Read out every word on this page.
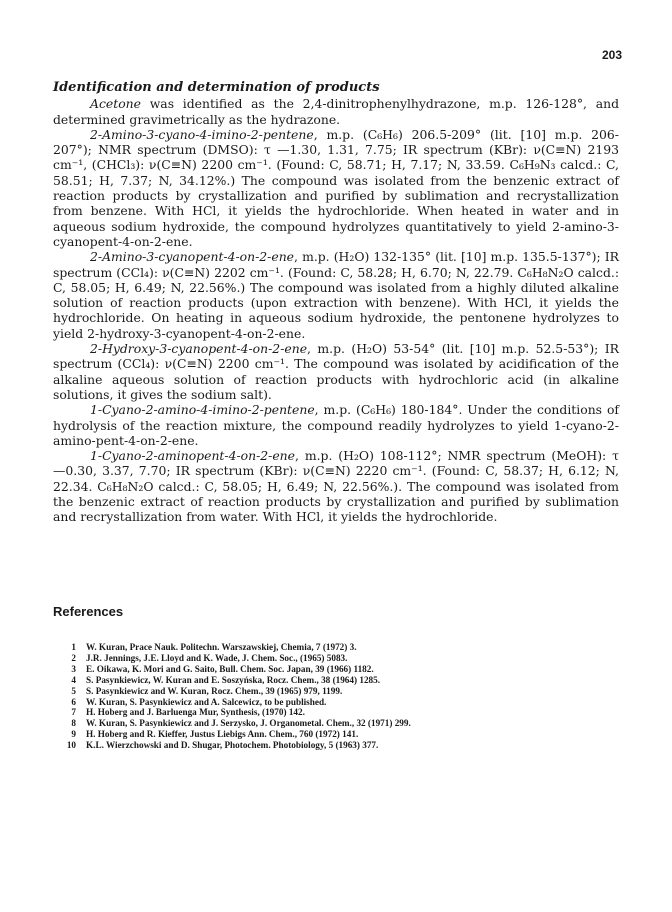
203
Identification and determination of products

Acetone was identified as the 2,4-dinitrophenylhydrazone, m.p. 126-128°, and determined gravimetrically as the hydrazone.

2-Amino-3-cyano-4-imino-2-pentene, m.p. (C₆H₆) 206.5-209° (lit. [10] m.p. 206-207°); NMR spectrum (DMSO): τ —1.30, 1.31, 7.75; IR spectrum (KBr): ν(C≡N) 2193 cm⁻¹, (CHCl₃): ν(C≡N) 2200 cm⁻¹. (Found: C, 58.71; H, 7.17; N, 33.59. C₆H₉N₃ calcd.: C, 58.51; H, 7.37; N, 34.12%.) The compound was isolated from the benzenic extract of reaction products by crystallization and purified by sublimation and recrystallization from benzene. With HCl, it yields the hydrochloride. When heated in water and in aqueous sodium hydroxide, the compound hydrolyzes quantitatively to yield 2-amino-3-cyanopent-4-on-2-ene.

2-Amino-3-cyanopent-4-on-2-ene, m.p. (H₂O) 132-135° (lit. [10] m.p. 135.5-137°); IR spectrum (CCl₄): ν(C≡N) 2202 cm⁻¹. (Found: C, 58.28; H, 6.70; N, 22.79. C₆H₈N₂O calcd.: C, 58.05; H, 6.49; N, 22.56%.) The compound was isolated from a highly diluted alkaline solution of reaction products (upon extraction with benzene). With HCl, it yields the hydrochloride. On heating in aqueous sodium hydroxide, the pentonene hydrolyzes to yield 2-hydroxy-3-cyanopent-4-on-2-ene.

2-Hydroxy-3-cyanopent-4-on-2-ene, m.p. (H₂O) 53-54° (lit. [10] m.p. 52.5-53°); IR spectrum (CCl₄): ν(C≡N) 2200 cm⁻¹. The compound was isolated by acidification of the alkaline aqueous solution of reaction products with hydrochloric acid (in alkaline solutions, it gives the sodium salt).

1-Cyano-2-amino-4-imino-2-pentene, m.p. (C₆H₆) 180-184°. Under the conditions of hydrolysis of the reaction mixture, the compound readily hydrolyzes to yield 1-cyano-2-amino-pent-4-on-2-ene.

1-Cyano-2-aminopent-4-on-2-ene, m.p. (H₂O) 108-112°; NMR spectrum (MeOH): τ —0.30, 3.37, 7.70; IR spectrum (KBr): ν(C≡N) 2220 cm⁻¹. (Found: C, 58.37; H, 6.12; N, 22.34. C₆H₈N₂O calcd.: C, 58.05; H, 6.49; N, 22.56%.). The compound was isolated from the benzenic extract of reaction products by crystallization and purified by sublimation and recrystallization from water. With HCl, it yields the hydrochloride.

References
1 W. Kuran, Prace Nauk. Politechn. Warszawskiej, Chemia, 7 (1972) 3.
2 J.R. Jennings, J.E. Lloyd and K. Wade, J. Chem. Soc., (1965) 5083.
3 E. Oikawa, K. Mori and G. Saito, Bull. Chem. Soc. Japan, 39 (1966) 1182.
4 S. Pasynkiewicz, W. Kuran and E. Soszyńska, Rocz. Chem., 38 (1964) 1285.
5 S. Pasynkiewicz and W. Kuran, Rocz. Chem., 39 (1965) 979, 1199.
6 W. Kuran, S. Pasynkiewicz and A. Salcewicz, to be published.
7 H. Hoberg and J. Barluenga Mur, Synthesis, (1970) 142.
8 W. Kuran, S. Pasynkiewicz and J. Serzysko, J. Organometal. Chem., 32 (1971) 299.
9 H. Hoberg and R. Kieffer, Justus Liebigs Ann. Chem., 760 (1972) 141.
10 K.L. Wierzchowski and D. Shugar, Photochem. Photobiology, 5 (1963) 377.
